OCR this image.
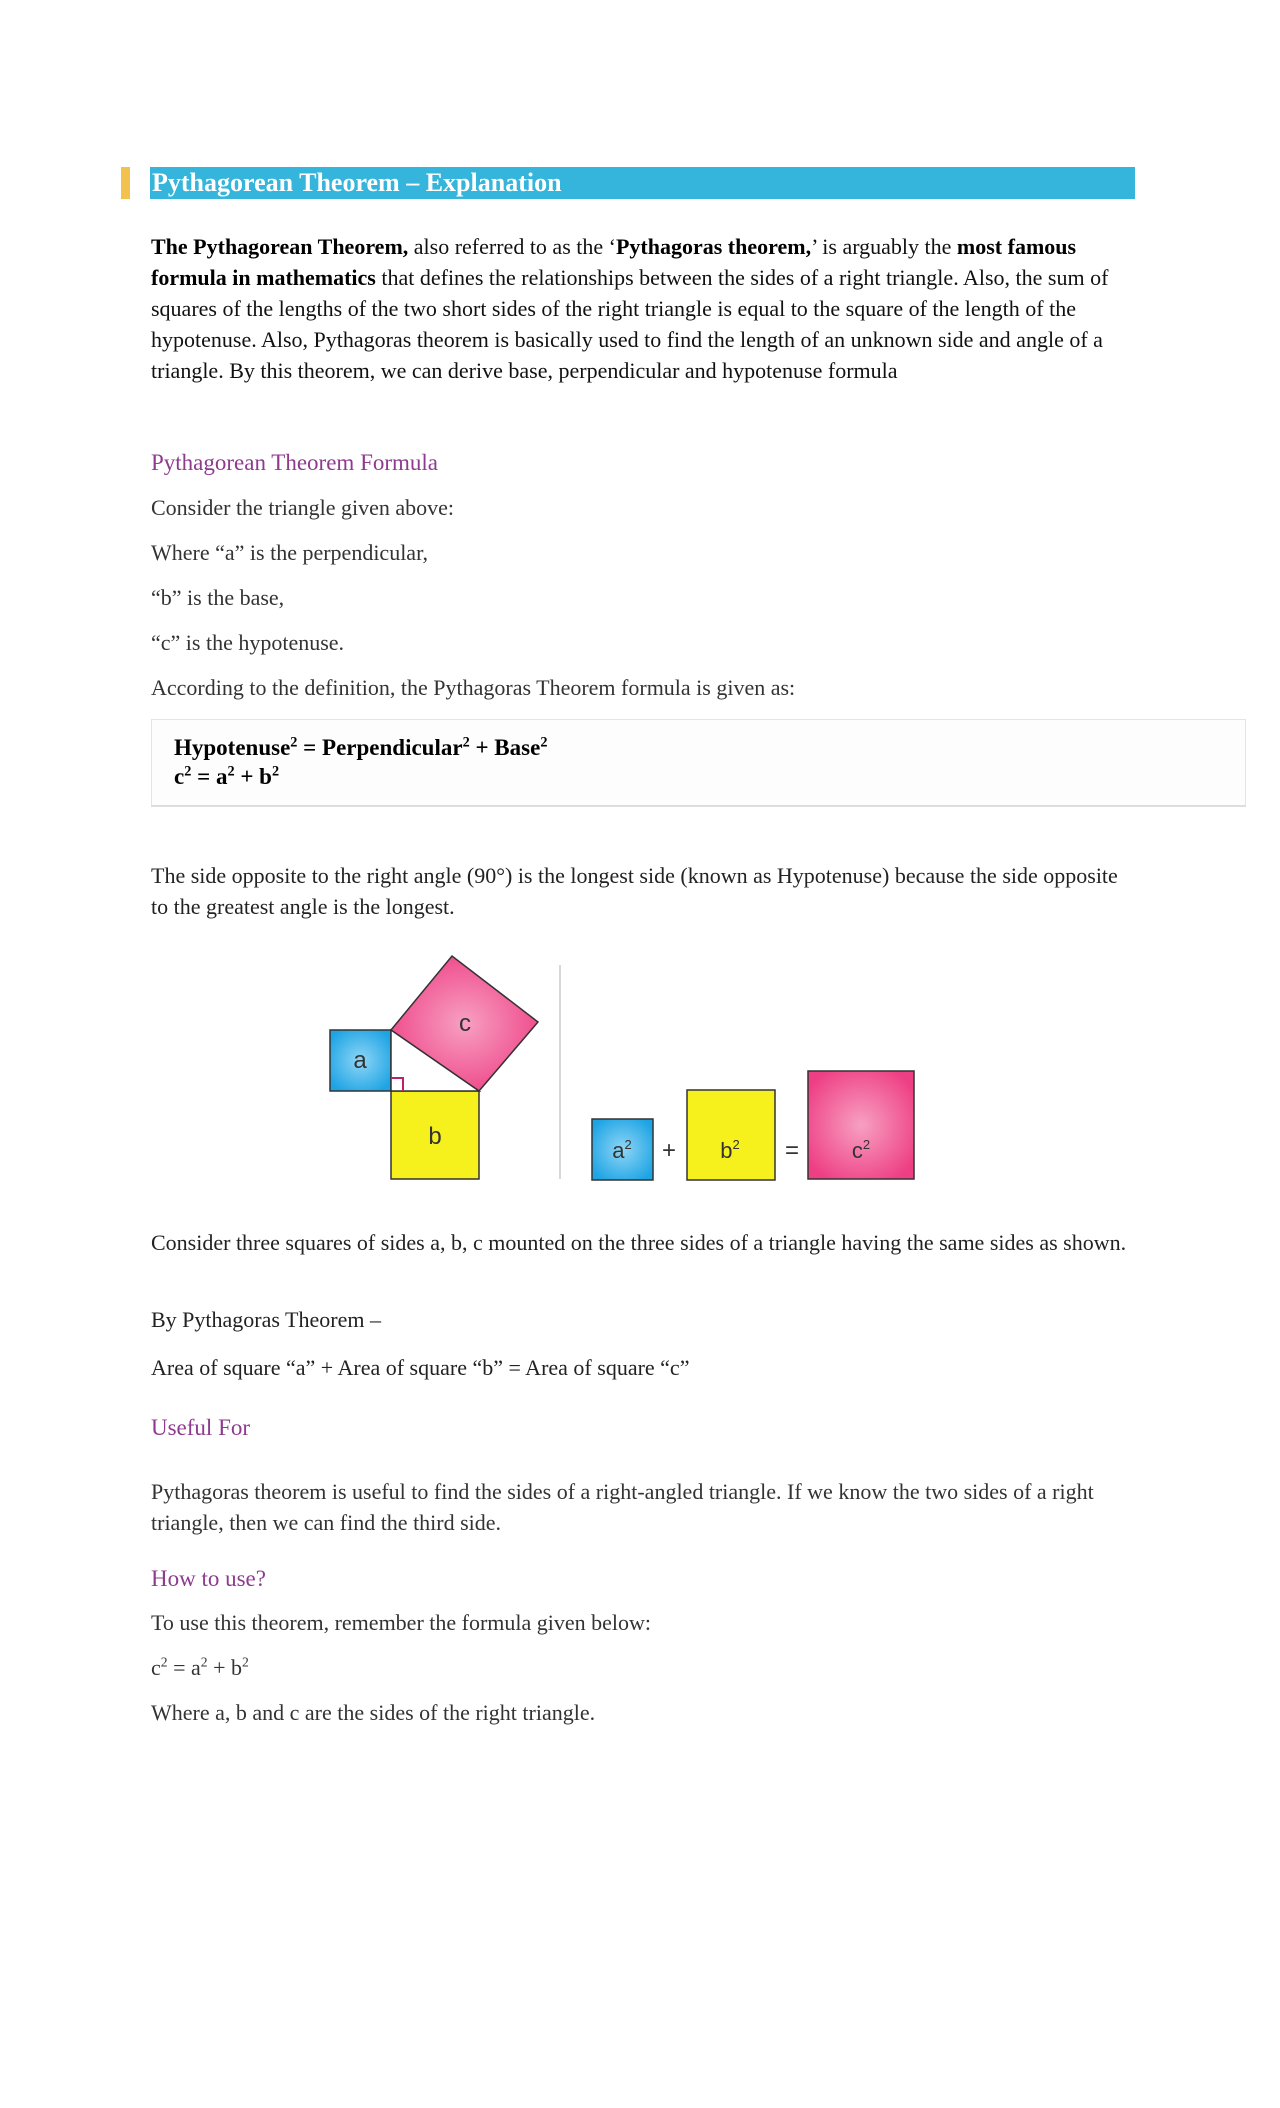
Pythagorean Theorem – Explanation
The Pythagorean Theorem, also referred to as the ‘Pythagoras theorem,’ is arguably the most famous formula in mathematics that defines the relationships between the sides of a right triangle. Also, the sum of squares of the lengths of the two short sides of the right triangle is equal to the square of the length of the hypotenuse. Also, Pythagoras theorem is basically used to find the length of an unknown side and angle of a triangle. By this theorem, we can derive base, perpendicular and hypotenuse formula
Pythagorean Theorem Formula
Consider the triangle given above:
Where “a” is the perpendicular,
“b” is the base,
“c” is the hypotenuse.
According to the definition, the Pythagoras Theorem formula is given as:
Hypotenuse$^2$ = Perpendicular$^2$ + Base$^2$
$c^2 = a^2 + b^2$
The side opposite to the right angle (90°) is the longest side (known as Hypotenuse) because the side opposite to the greatest angle is the longest.
a
b
c
$a^2 + b^2 = c^2$
Consider three squares of sides a, b, c mounted on the three sides of a triangle having the same sides as shown.
By Pythagoras Theorem –
Area of square “a” + Area of square “b” = Area of square “c”
Useful For
Pythagoras theorem is useful to find the sides of a right-angled triangle. If we know the two sides of a right triangle, then we can find the third side.
How to use?
To use this theorem, remember the formula given below:
$c^2 = a^2 + b^2$
Where a, b and c are the sides of the right triangle.
